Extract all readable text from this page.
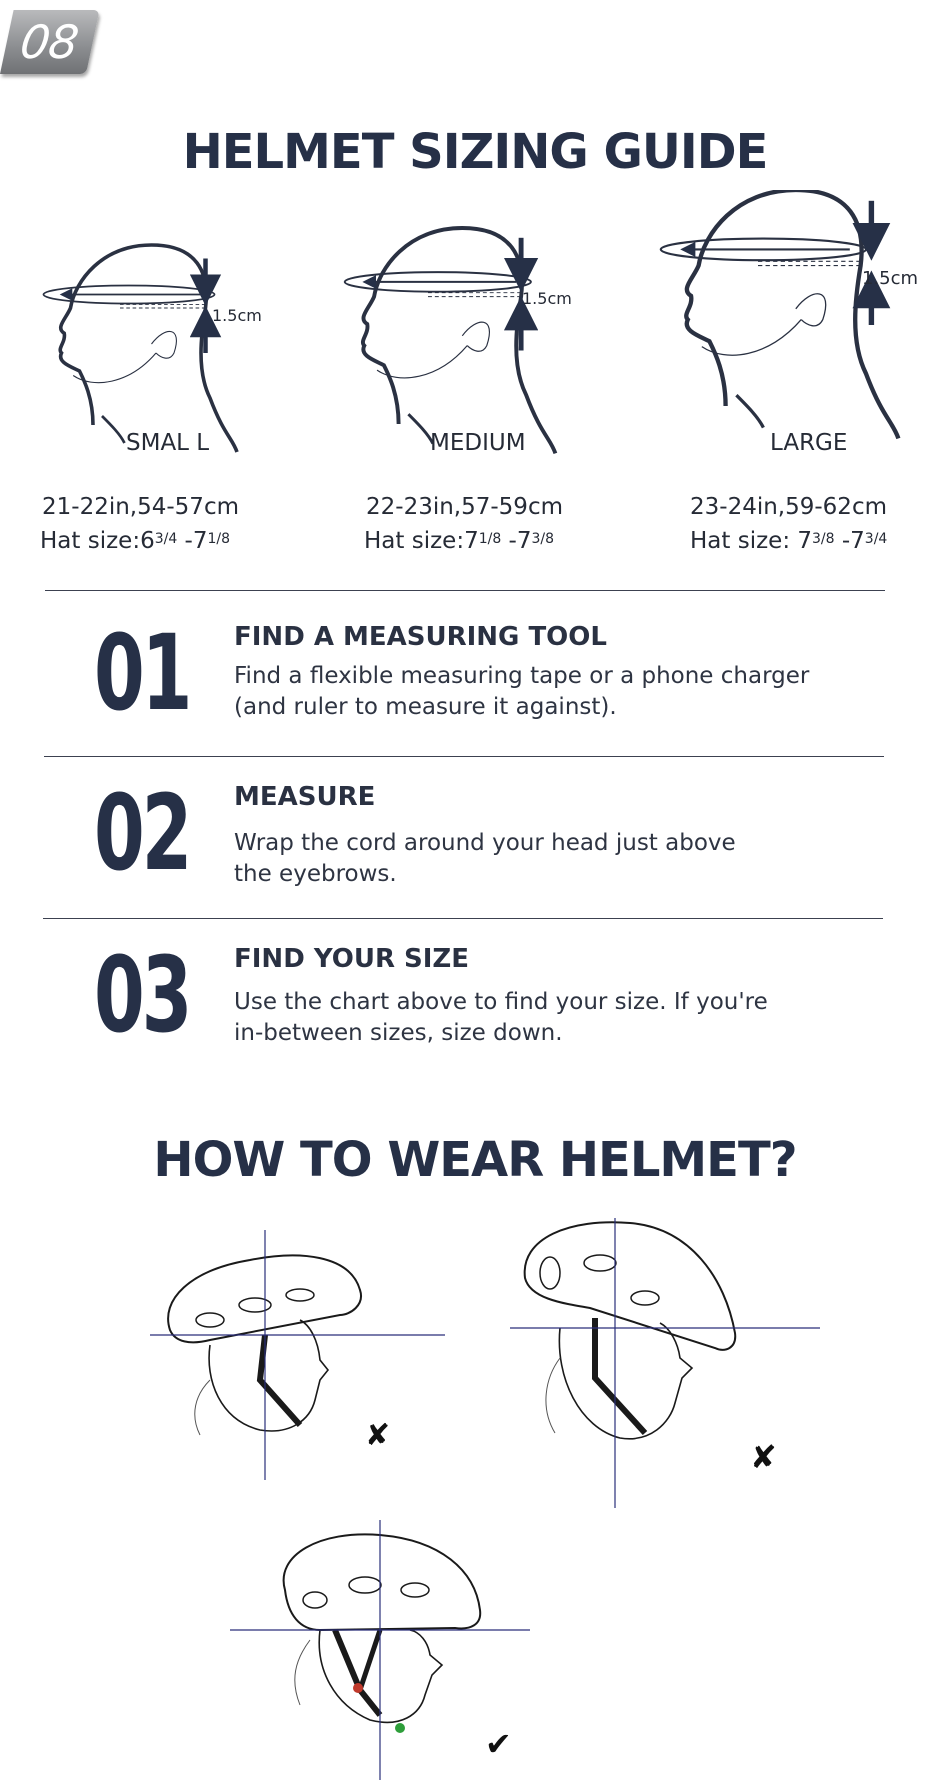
08
HELMET SIZING GUIDE
1.5cm
1.5cm
1.5cm
SMAL L	MEDIUM	LARGE
21-22in,54-57cm	22-23in,57-59cm	23-24in,59-62cm
Hat $size:6^{3/4}$ $-7^{1/8}$	Hat $size:7^{1/8}$ $-7^{3/8}$	Hat size: $7^{3/8}$ $-7^{3/4}$
01 FIND A MEASURING TOOL
Find a flexible measuring tape or a phone charger
(and ruler to measure it against).
02 MEASURE
Wrap the cord around your head just above
the eyebrows.
03 FIND YOUR SIZE
Use the chart above to find your size. If you're
in-between sizes, size down.
HOW TO WEAR HELMET?
✘
✘
✔
